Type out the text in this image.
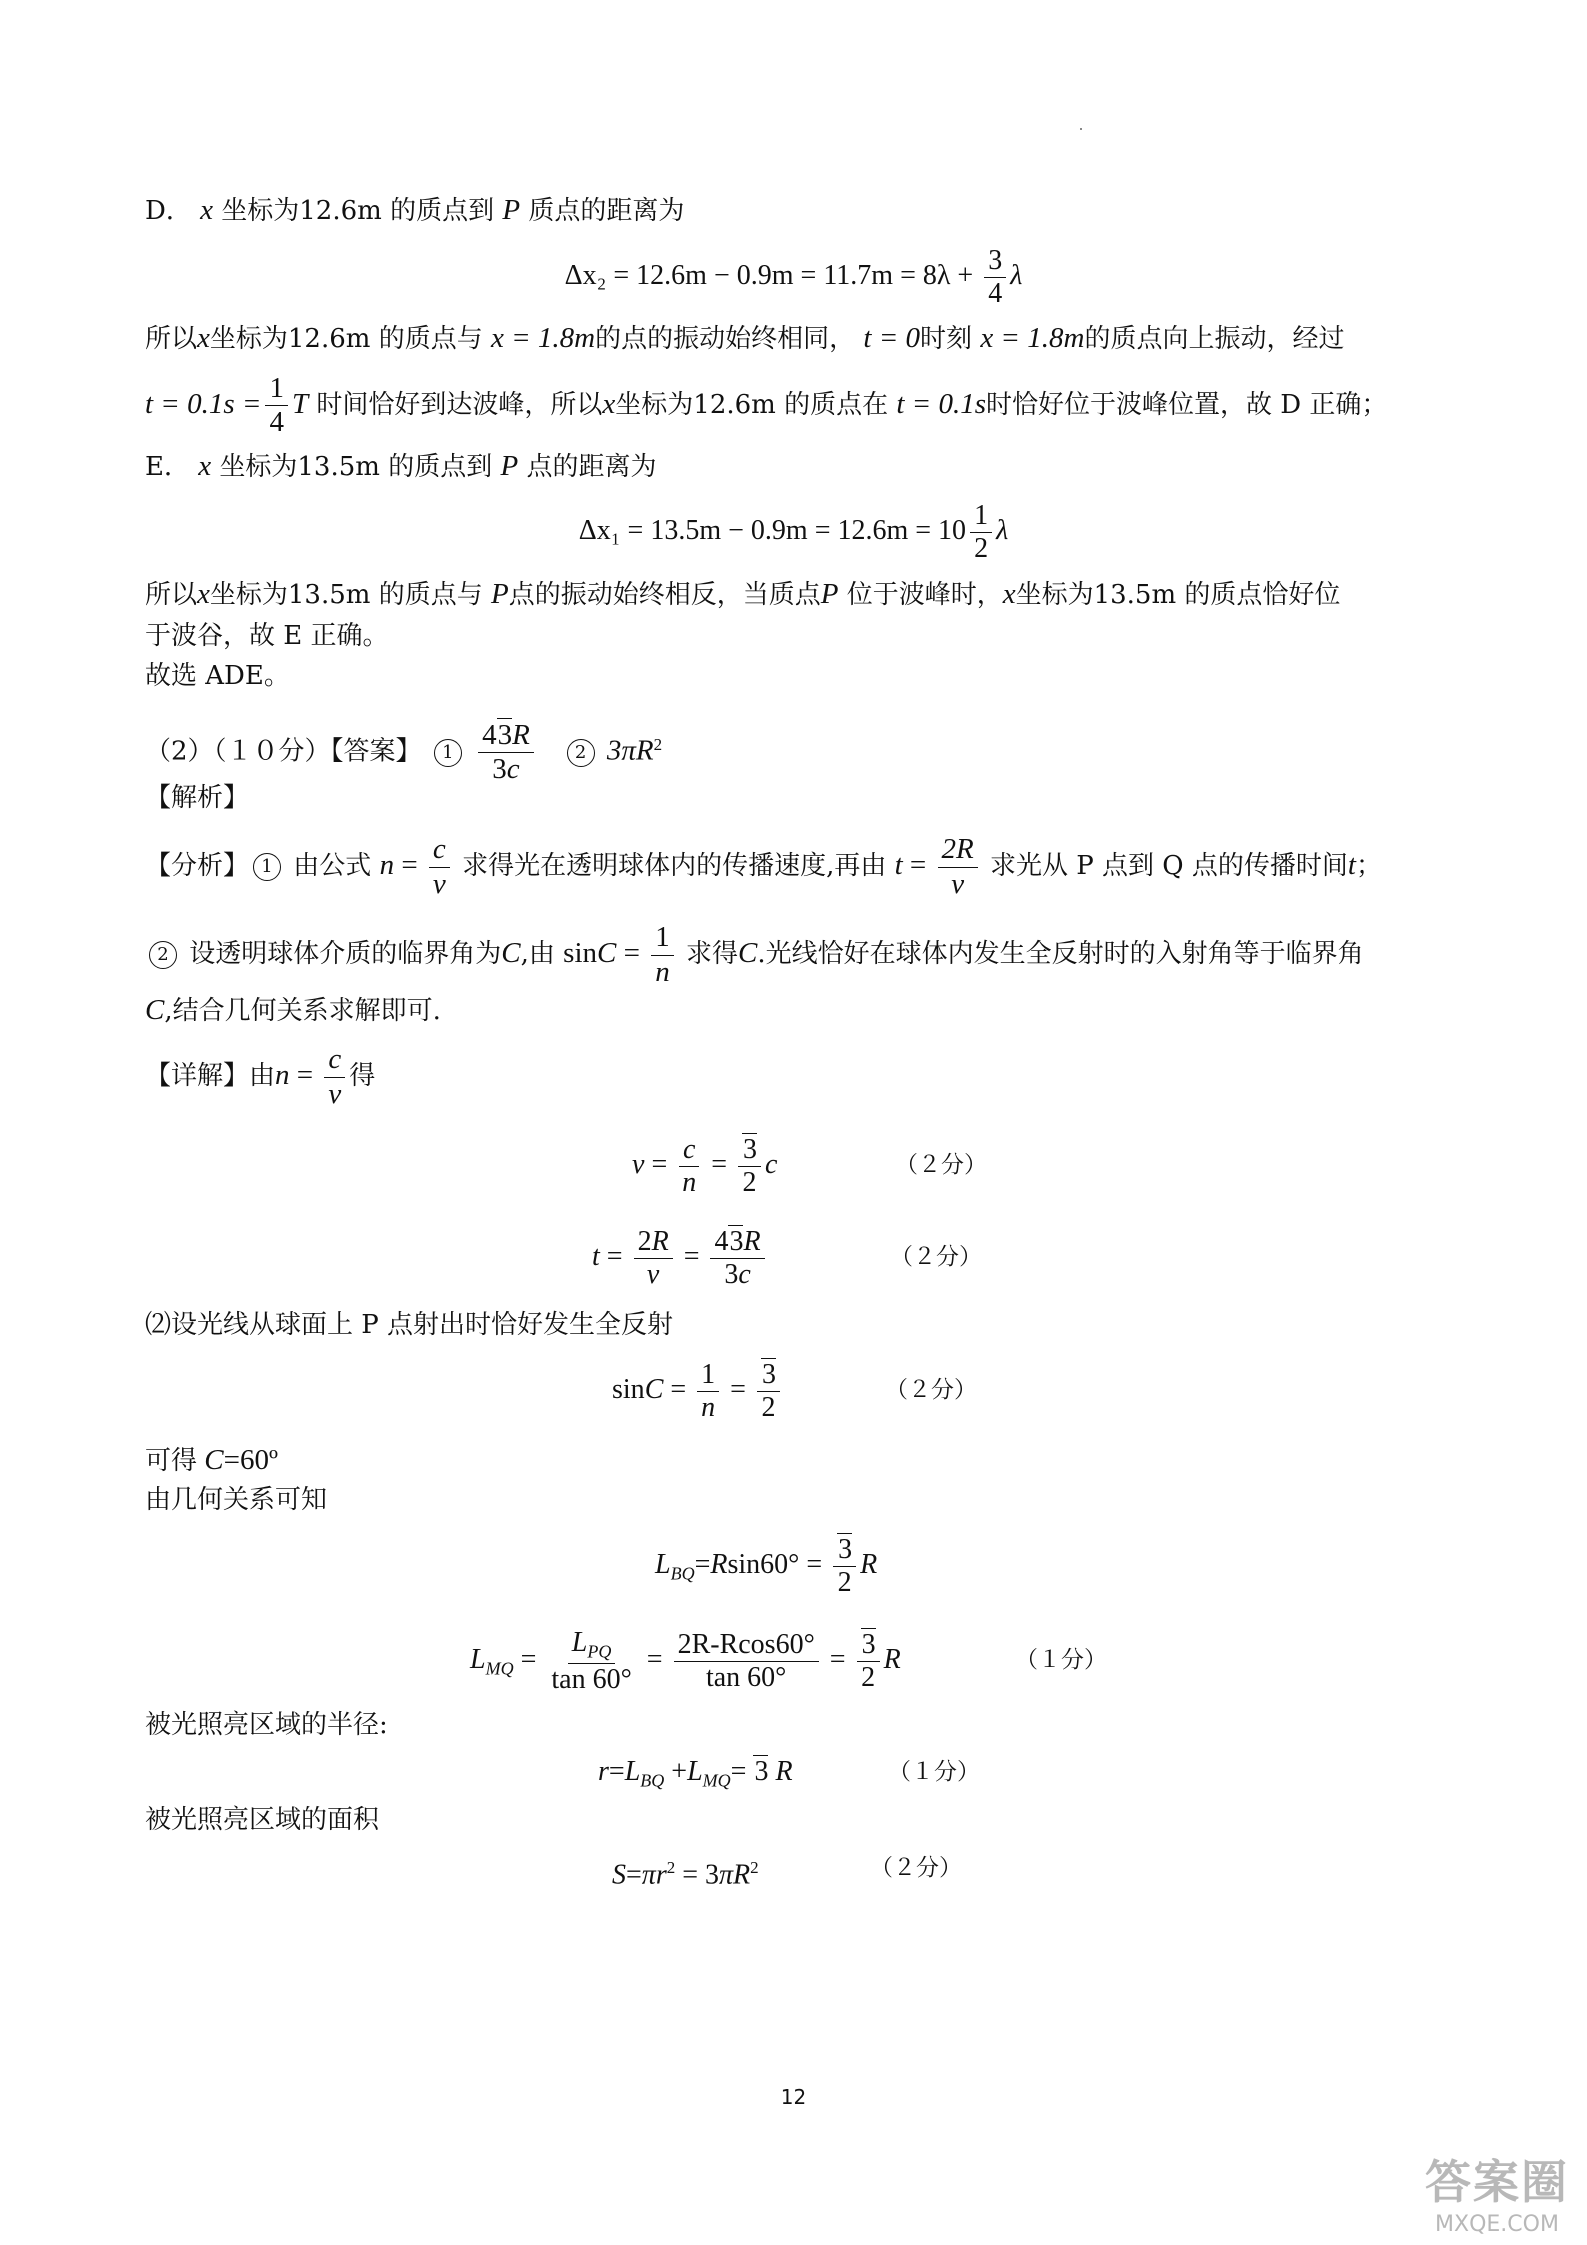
D． x 坐标为12.6m 的质点到 P 质点的距离为
$\Delta x_2 = 12.6m - 0.9m = 11.7m = 8\lambda + \frac{3}{4}$ λ
所以x坐标为12.6m 的质点与 x = 1.8m的点的振动始终相同， t = 0时刻 x = 1.8m的质点向上振动，经过
$t = 0.1s = \frac{1}{4}$ T 时间恰好到达波峰，所以x坐标为12.6m 的质点在 t = 0.1s时恰好位于波峰位置，故 D 正确；
E． x 坐标为13.5m 的质点到 P 点的距离为
$\Delta x_1 = 13.5m - 0.9m = 12.6m = 10 \frac{1}{2}$ λ
所以x坐标为13.5m 的质点与 P点的振动始终相反，当质点P 位于波峰时，x坐标为13.5m 的质点恰好位
于波谷，故 E 正确。
故选 ADE。
（2）（１０分）【答案】 $1 \frac{43R}{3c} 2$ $3\pi R^2$
【解析】
【分析】 1 由公式 $n = \frac{c}{v}$ 求得光在透明球体内的传播速度,再由 $t = \frac{2R}{v}$ 求光从 P 点到 Q 点的传播时间t；
2 设透明球体介质的临界角为C,由 $\sin C = \frac{1}{n}$ 求得C.光线恰好在球体内发生全反射时的入射角等于临界角
C,结合几何关系求解即可.
【详解】由$n = \frac{c}{v}$ 得
$v = \frac{c}{n} = \frac{3}{2}$ c	（２分）
$t = \frac{2R}{v} = \frac{43R}{3c}$	（２分）
⑵设光线从球面上 P 点射出时恰好发生全反射
$\sin C = \frac{1}{n} = \frac{3}{2}$	（２分）
可得 C=60º
由几何关系可知
$L_{BQ}=Rsin60^\circ = \frac{3}{2}$ R
$L_{MQ} = \frac{L_{PQ}}{\tan 60^\circ} = \frac{2R-Rcos60^\circ}{\tan 60^\circ} = \frac{3}{2}$ R	（１分）
被光照亮区域的半径:
$r=L_{BQ} +L_{MQ}= 3$ R	（１分）
被光照亮区域的面积
$S=\pi r^2 = 3\pi R^2$	（２分）
12
答案圈
MXQE.COM
